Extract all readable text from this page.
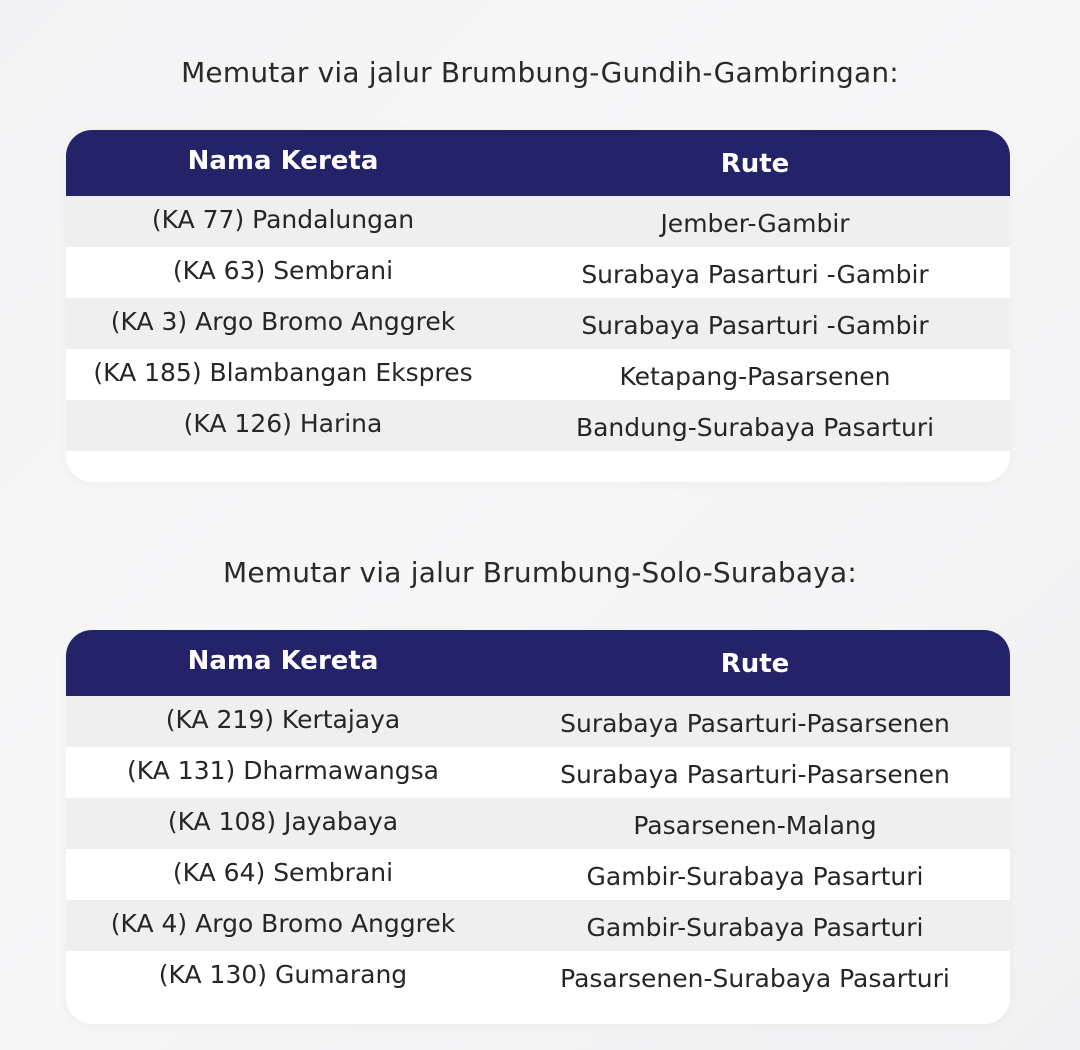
Memutar via jalur Brumbung-Gundih-Gambringan:
Nama Kereta	Rute
(KA 77) Pandalungan	Jember-Gambir
(KA 63) Sembrani	Surabaya Pasarturi -Gambir
(KA 3) Argo Bromo Anggrek	Surabaya Pasarturi -Gambir
(KA 185) Blambangan Ekspres	Ketapang-Pasarsenen
(KA 126) Harina	Bandung-Surabaya Pasarturi
Memutar via jalur Brumbung-Solo-Surabaya:
Nama Kereta	Rute
(KA 219) Kertajaya	Surabaya Pasarturi-Pasarsenen
(KA 131) Dharmawangsa	Surabaya Pasarturi-Pasarsenen
(KA 108) Jayabaya	Pasarsenen-Malang
(KA 64) Sembrani	Gambir-Surabaya Pasarturi
(KA 4) Argo Bromo Anggrek	Gambir-Surabaya Pasarturi
(KA 130) Gumarang	Pasarsenen-Surabaya Pasarturi
